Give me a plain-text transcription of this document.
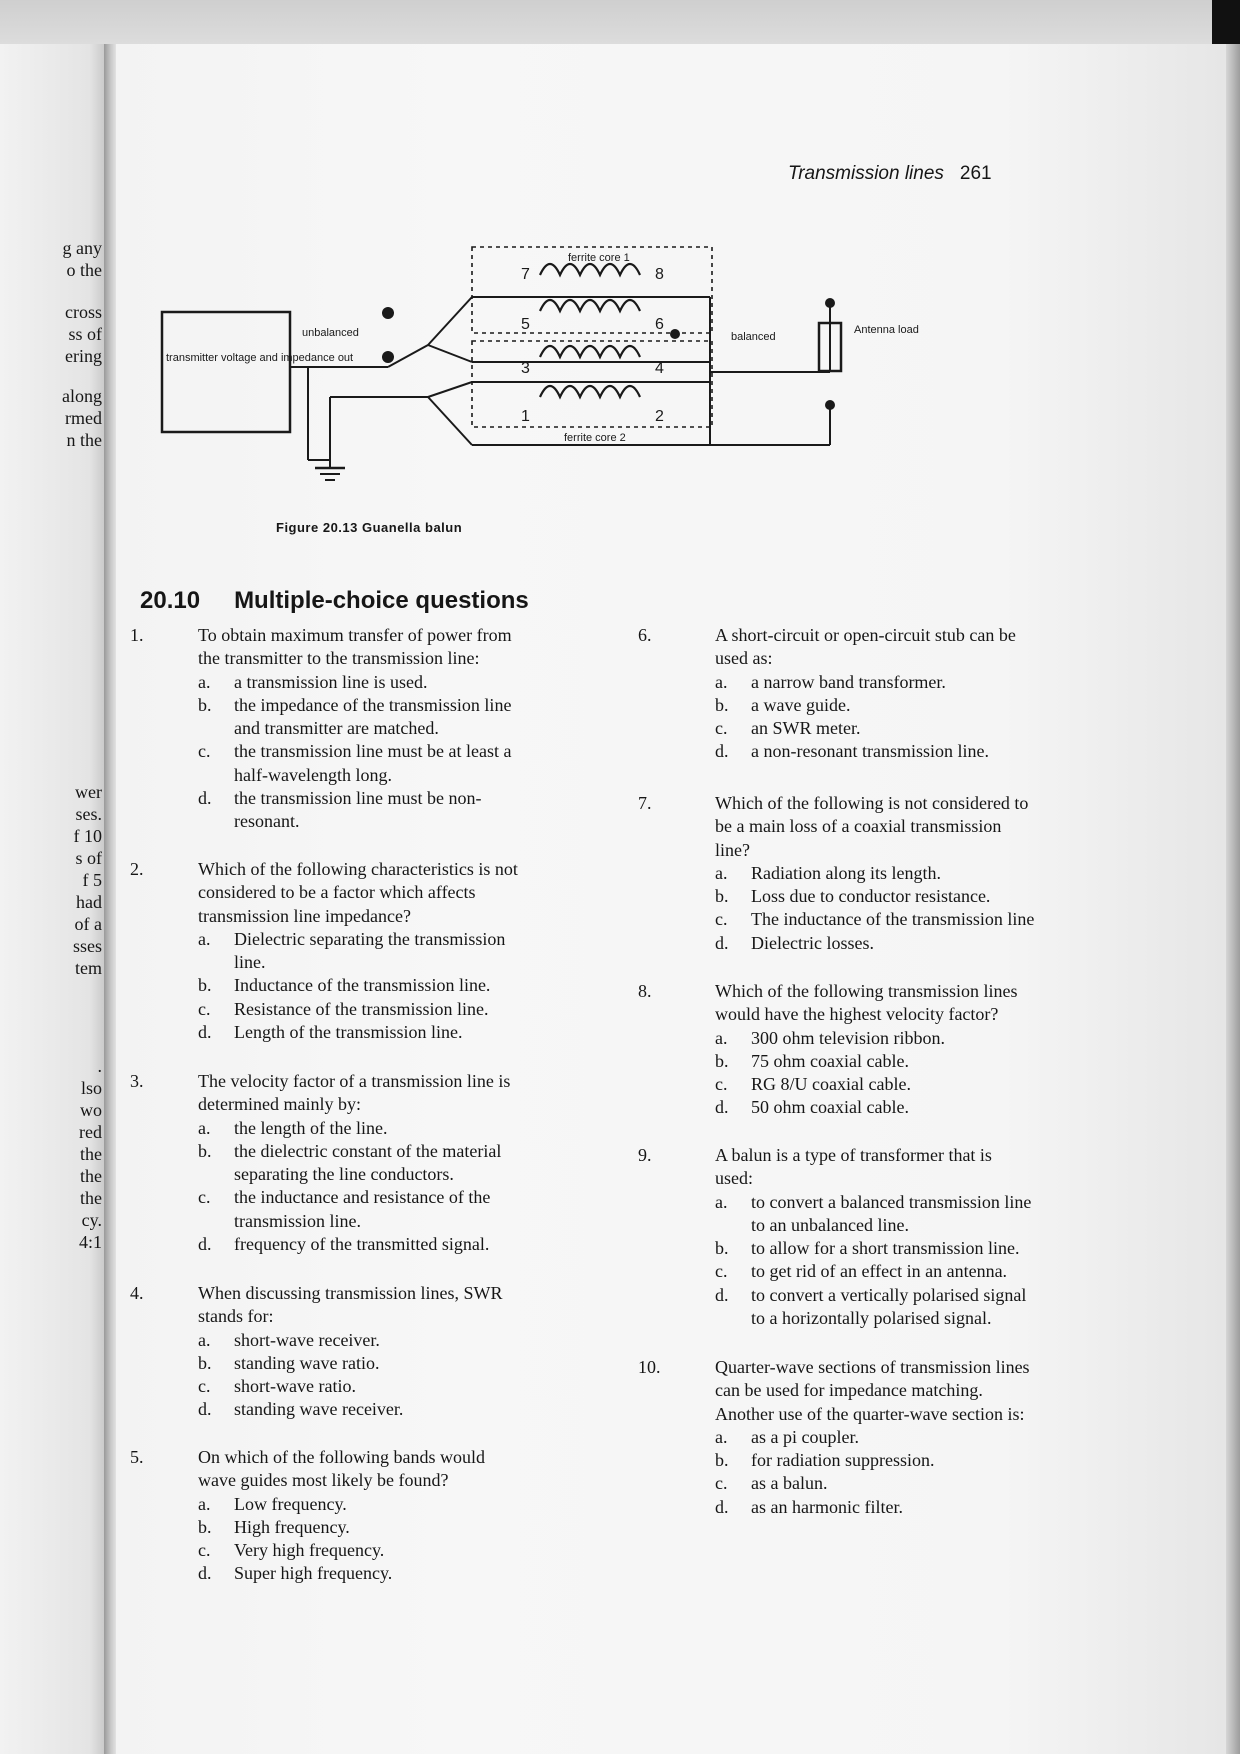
g any
o the
cross
ss of
ering
along
rmed
n the
wer
ses.
f 10
s of
f 5
had
of a
sses
tem
.
lso
wo
red
the
the
the
cy.
4:1
Transmission lines 261
transmitter voltage and impedance out
unbalanced	balanced
Antenna load
ferrite core 1
ferrite core 2
7	8
5	6
3	4
1	2
Figure 20.13 Guanella balun
20.10 Multiple-choice questions
1.	To obtain maximum transfer of power from
the transmitter to the transmission line:
a. a transmission line is used.
b. the impedance of the transmission line
and transmitter are matched.
c. the transmission line must be at least a
half-wavelength long.
d. the transmission line must be non-
resonant.
2.	Which of the following characteristics is not
considered to be a factor which affects
transmission line impedance?
a. Dielectric separating the transmission
line.
b. Inductance of the transmission line.
c. Resistance of the transmission line.
d. Length of the transmission line.
3.	The velocity factor of a transmission line is
determined mainly by:
a. the length of the line.
b. the dielectric constant of the material
separating the line conductors.
c. the inductance and resistance of the
transmission line.
d. frequency of the transmitted signal.
4.	When discussing transmission lines, SWR
stands for:
a. short-wave receiver.
b. standing wave ratio.
c. short-wave ratio.
d. standing wave receiver.
5.	On which of the following bands would
wave guides most likely be found?
a. Low frequency.
b. High frequency.
c. Very high frequency.
d. Super high frequency.
6.	A short-circuit or open-circuit stub can be
used as:
a. a narrow band transformer.
b. a wave guide.
c. an SWR meter.
d. a non-resonant transmission line.
7.	Which of the following is not considered to
be a main loss of a coaxial transmission
line?
a. Radiation along its length.
b. Loss due to conductor resistance.
c. The inductance of the transmission line
d. Dielectric losses.
8.	Which of the following transmission lines
would have the highest velocity factor?
a. 300 ohm television ribbon.
b. 75 ohm coaxial cable.
c. RG 8/U coaxial cable.
d. 50 ohm coaxial cable.
9.	A balun is a type of transformer that is
used:
a. to convert a balanced transmission line
to an unbalanced line.
b. to allow for a short transmission line.
c. to get rid of an effect in an antenna.
d. to convert a vertically polarised signal
to a horizontally polarised signal.
10.	Quarter-wave sections of transmission lines
can be used for impedance matching.
Another use of the quarter-wave section is:
a. as a pi coupler.
b. for radiation suppression.
c. as a balun.
d. as an harmonic filter.
